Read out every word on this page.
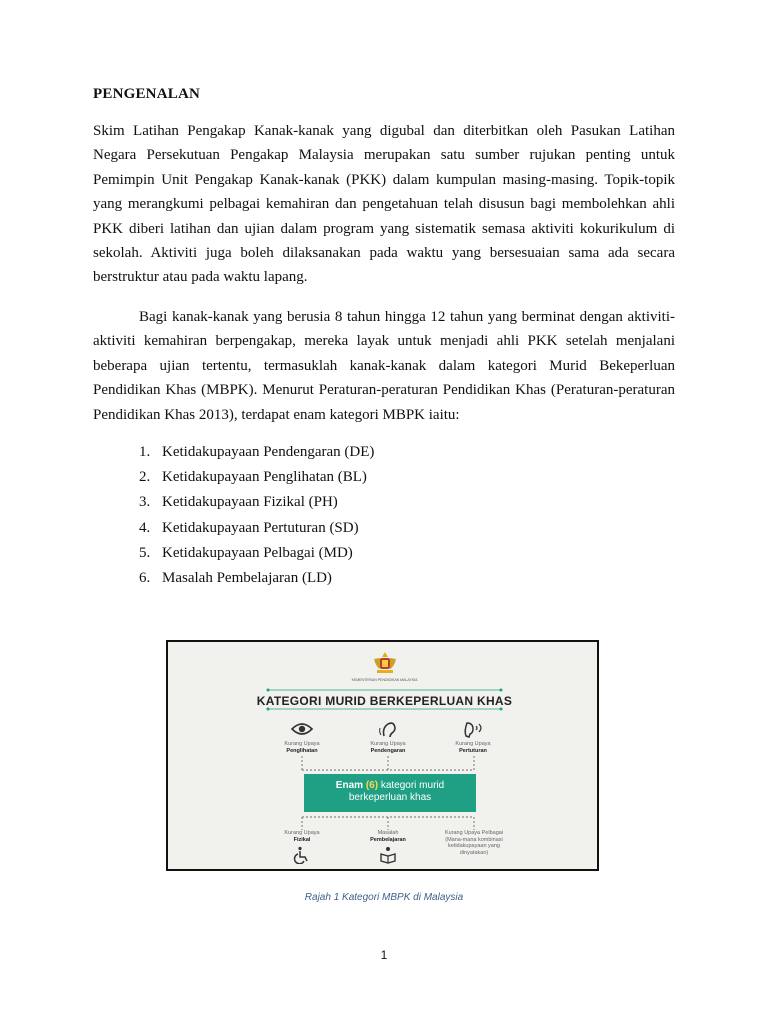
PENGENALAN

Skim Latihan Pengakap Kanak-kanak yang digubal dan diterbitkan oleh Pasukan Latihan Negara Persekutuan Pengakap Malaysia merupakan satu sumber rujukan penting untuk Pemimpin Unit Pengakap Kanak-kanak (PKK) dalam kumpulan masing-masing. Topik-topik yang merangkumi pelbagai kemahiran dan pengetahuan telah disusun bagi membolehkan ahli PKK diberi latihan dan ujian dalam program yang sistematik semasa aktiviti kokurikulum di sekolah. Aktiviti juga boleh dilaksanakan pada waktu yang bersesuaian sama ada secara berstruktur atau pada waktu lapang.

Bagi kanak-kanak yang berusia 8 tahun hingga 12 tahun yang berminat dengan aktiviti-aktiviti kemahiran berpengakap, mereka layak untuk menjadi ahli PKK setelah menjalani beberapa ujian tertentu, termasuklah kanak-kanak dalam kategori Murid Bekeperluan Pendidikan Khas (MBPK). Menurut Peraturan-peraturan Pendidikan Khas (Peraturan-peraturan Pendidikan Khas 2013), terdapat enam kategori MBPK iaitu:

1. Ketidakupayaan Pendengaran (DE)
2. Ketidakupayaan Penglihatan (BL)
3. Ketidakupayaan Fizikal (PH)
4. Ketidakupayaan Pertuturan (SD)
5. Ketidakupayaan Pelbagai (MD)
6. Masalah Pembelajaran (LD)
KEMENTERIAN PENDIDIKAN MALAYSIA
KATEGORI MURID BERKEPERLUAN KHAS
Kurang Upaya
Penglihatan
Kurang Upaya
Pendengaran
Kurang Upaya
Pertuturan
Enam (6) kategori murid
berkeperluan khas
Kurang Upaya
Fizikal
Masalah
Pembelajaran
Kurang Upaya Pelbagai
(Mana-mana kombinasi ketidakupayaan yang dinyatakan)
Rajah 1 Kategori MBPK di Malaysia
1
